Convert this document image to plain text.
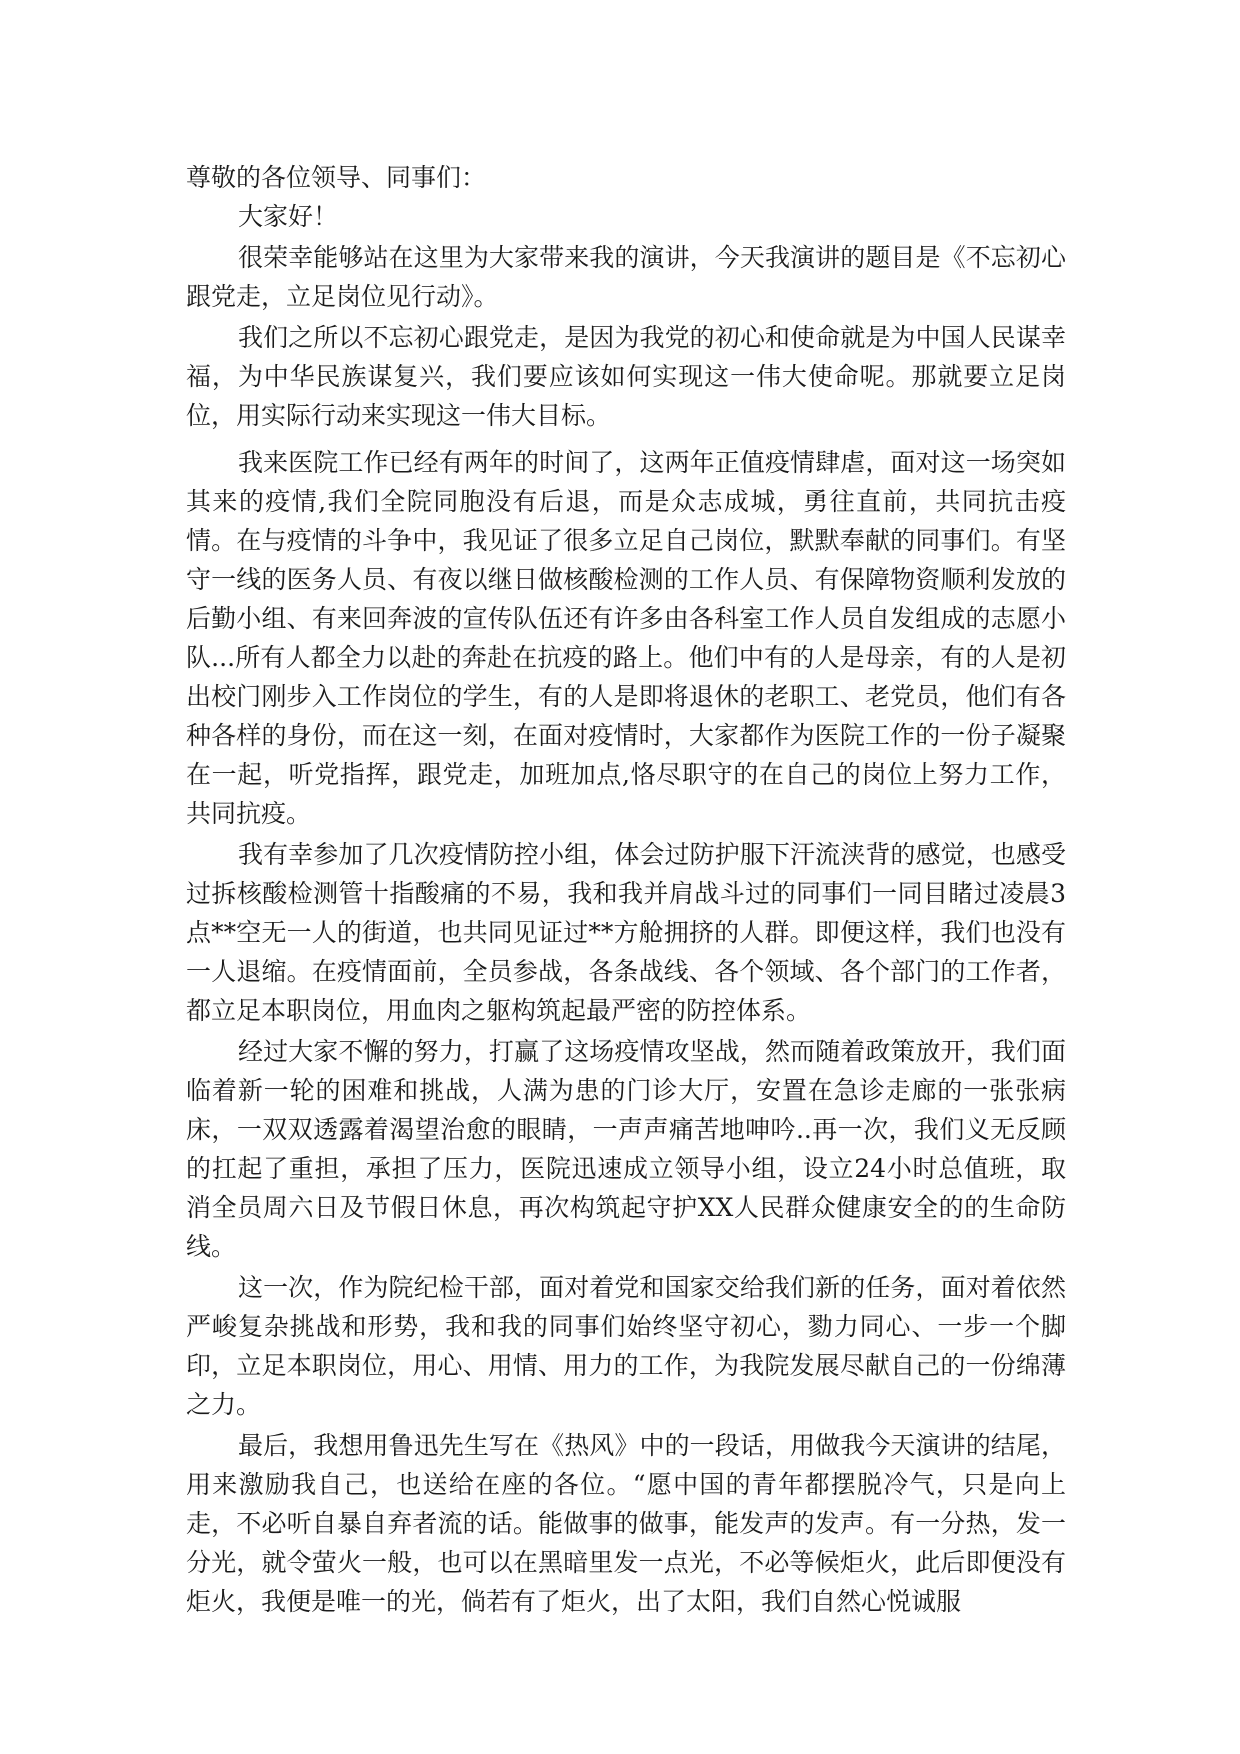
尊敬的各位领导、同事们：

大家好！

很荣幸能够站在这里为大家带来我的演讲，今天我演讲的题目是《不忘初心跟党走，立足岗位见行动》。

我们之所以不忘初心跟党走，是因为我党的初心和使命就是为中国人民谋幸福，为中华民族谋复兴，我们要应该如何实现这一伟大使命呢。那就要立足岗位，用实际行动来实现这一伟大目标。

我来医院工作已经有两年的时间了，这两年正值疫情肆虐，面对这一场突如其来的疫情,我们全院同胞没有后退，而是众志成城，勇往直前，共同抗击疫情。在与疫情的斗争中，我见证了很多立足自己岗位，默默奉献的同事们。有坚守一线的医务人员、有夜以继日做核酸检测的工作人员、有保障物资顺利发放的后勤小组、有来回奔波的宣传队伍还有许多由各科室工作人员自发组成的志愿小队...所有人都全力以赴的奔赴在抗疫的路上。他们中有的人是母亲，有的人是初出校门刚步入工作岗位的学生，有的人是即将退休的老职工、老党员，他们有各种各样的身份，而在这一刻，在面对疫情时，大家都作为医院工作的一份子凝聚在一起，听党指挥，跟党走，加班加点,恪尽职守的在自己的岗位上努力工作，共同抗疫。

我有幸参加了几次疫情防控小组，体会过防护服下汗流浃背的感觉，也感受过拆核酸检测管十指酸痛的不易，我和我并肩战斗过的同事们一同目睹过凌晨3点**空无一人的街道，也共同见证过**方舱拥挤的人群。即便这样，我们也没有一人退缩。在疫情面前，全员参战，各条战线、各个领域、各个部门的工作者，都立足本职岗位，用血肉之躯构筑起最严密的防控体系。

经过大家不懈的努力，打赢了这场疫情攻坚战，然而随着政策放开，我们面临着新一轮的困难和挑战，人满为患的门诊大厅，安置在急诊走廊的一张张病床，一双双透露着渴望治愈的眼睛，一声声痛苦地呻吟..再一次，我们义无反顾的扛起了重担，承担了压力，医院迅速成立领导小组，设立24小时总值班，取消全员周六日及节假日休息，再次构筑起守护XX人民群众健康安全的的生命防线。

这一次，作为院纪检干部，面对着党和国家交给我们新的任务，面对着依然严峻复杂挑战和形势，我和我的同事们始终坚守初心，勠力同心、一步一个脚印，立足本职岗位，用心、用情、用力的工作，为我院发展尽献自己的一份绵薄之力。

最后，我想用鲁迅先生写在《热风》中的一段话，用做我今天演讲的结尾，用来激励我自己，也送给在座的各位。“愿中国的青年都摆脱冷气，只是向上走，不必听自暴自弃者流的话。能做事的做事，能发声的发声。有一分热，发一分光，就令萤火一般，也可以在黑暗里发一点光，不必等候炬火，此后即便没有炬火，我便是唯一的光，倘若有了炬火，出了太阳，我们自然心悦诚服
